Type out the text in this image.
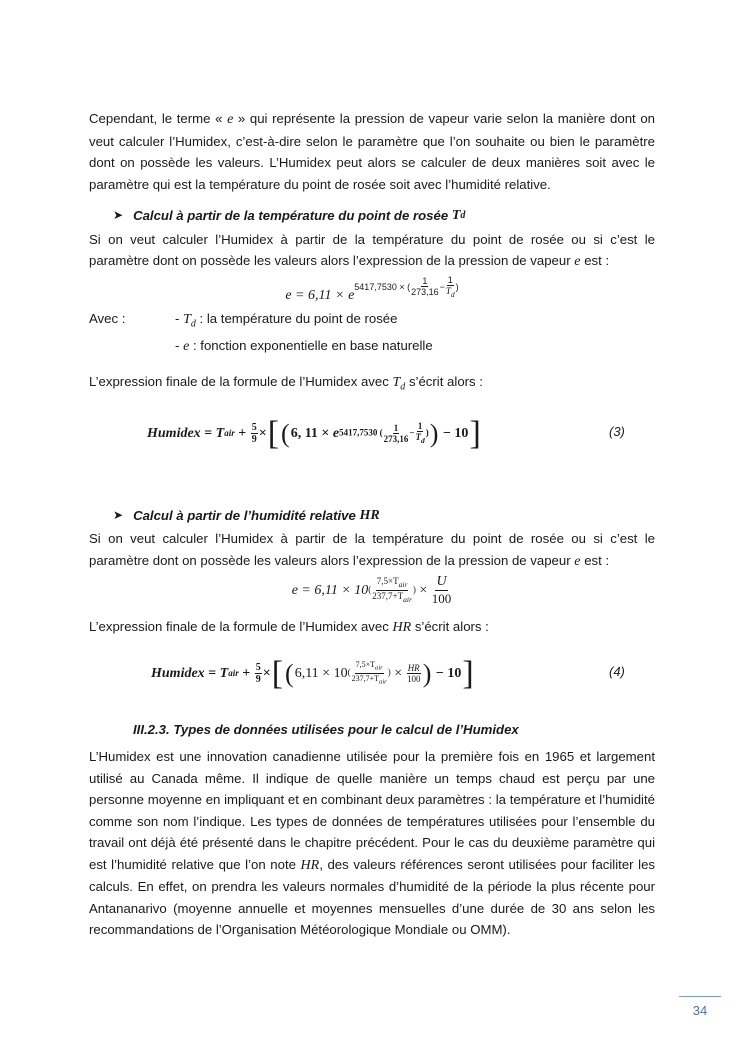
Cependant, le terme « e » qui représente la pression de vapeur varie selon la manière dont on veut calculer l’Humidex, c’est-à-dire selon le paramètre que l’on souhaite ou bien le paramètre dont on possède les valeurs. L’Humidex peut alors se calculer de deux manières soit avec le paramètre qui est la température du point de rosée soit avec l’humidité relative.

➤ Calcul à partir de la température du point de rosée
T d

Si on veut calculer l’Humidex à partir de la température du point de rosée ou si c’est le paramètre dont on possède les valeurs alors l’expression de la pression de vapeur e est :

e = 6,11 × e5417,7530 × ( $\frac{1}{273,16} - \frac{1}{T_d}$ )
Avec :	- $T_d$ : la température du point de rosée
- e : fonction exponentielle en base naturelle

L’expression finale de la formule de l’Humidex avec $T_d$ s’écrit alors :

Humidex =
T air
+
$\frac{5}{9}$ × [ ( 6, 11 ×
e 5417,7530 ( $\frac{1}{273,16} - \frac{1}{T_d}$ ) )
− 10 ]	(3)
➤ Calcul à partir de l’humidité relative
HR

Si on veut calculer l’Humidex à partir de la température du point de rosée ou si c’est le paramètre dont on possède les valeurs alors l’expression de la pression de vapeur e est :

e = 6,11 × 10 ( $\frac{7,5\times T_{air}}{237,7+T_{air}}$ )
×
$\frac{U}{100}$

L’expression finale de la formule de l’Humidex avec HR s’écrit alors :

Humidex =
T air
+
$\frac{5}{9}$ × [ ( 6,11 × 10 ( $\frac{7,5\times T_{air}}{237,7+T_{air}}$ )
×
$\frac{HR}{100}$ )
− 10 ]	(4)
III.2.3. Types de données utilisées pour le calcul de l’Humidex

L’Humidex est une innovation canadienne utilisée pour la première fois en 1965 et largement utilisé au Canada même. Il indique de quelle manière un temps chaud est perçu par une personne moyenne en impliquant et en combinant deux paramètres : la température et l’humidité comme son nom l’indique. Les types de données de températures utilisées pour l’ensemble du travail ont déjà été présenté dans le chapitre précédent. Pour le cas du deuxième paramètre qui est l’humidité relative que l’on note HR, des valeurs références seront utilisées pour faciliter les calculs. En effet, on prendra les valeurs normales d’humidité de la période la plus récente pour Antananarivo (moyenne annuelle et moyennes mensuelles d’une durée de 30 ans selon les recommandations de l’Organisation Météorologique Mondiale ou OMM).

34
